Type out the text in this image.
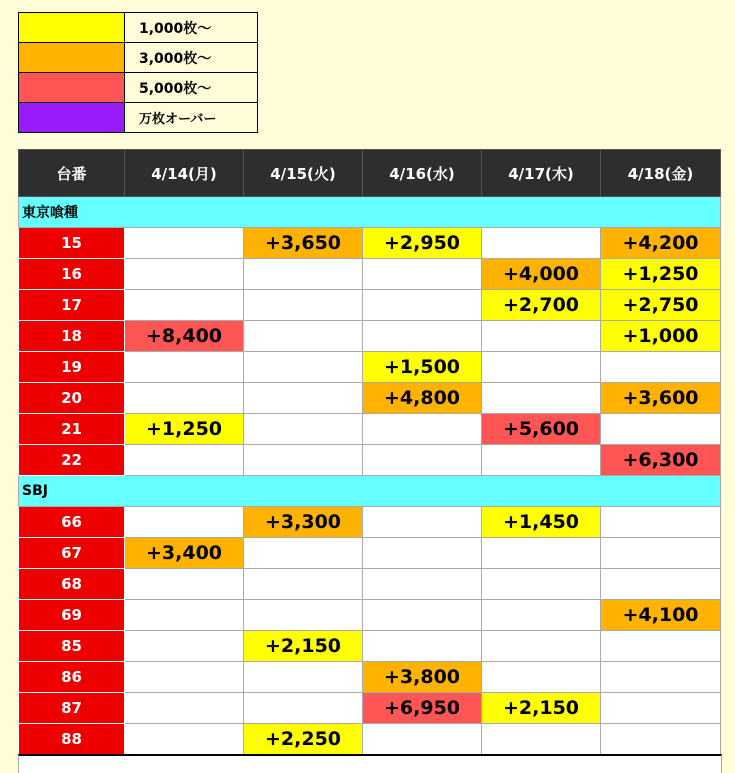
	1,000枚～
	3,000枚～
	5,000枚～
	万枚オーバー
台番	4/14(月)	4/15(火)	4/16(水)	4/17(木)	4/18(金)
東京喰種					
15		+3,650	+2,950		+4,200
16				+4,000	+1,250
17				+2,700	+2,750
18	+8,400				+1,000
19			+1,500		
20			+4,800		+3,600
21	+1,250			+5,600	
22					+6,300
SBJ					
66		+3,300		+1,450	
67	+3,400				
68					
69					+4,100
85		+2,150			
86			+3,800		
87			+6,950	+2,150	
88		+2,250			
